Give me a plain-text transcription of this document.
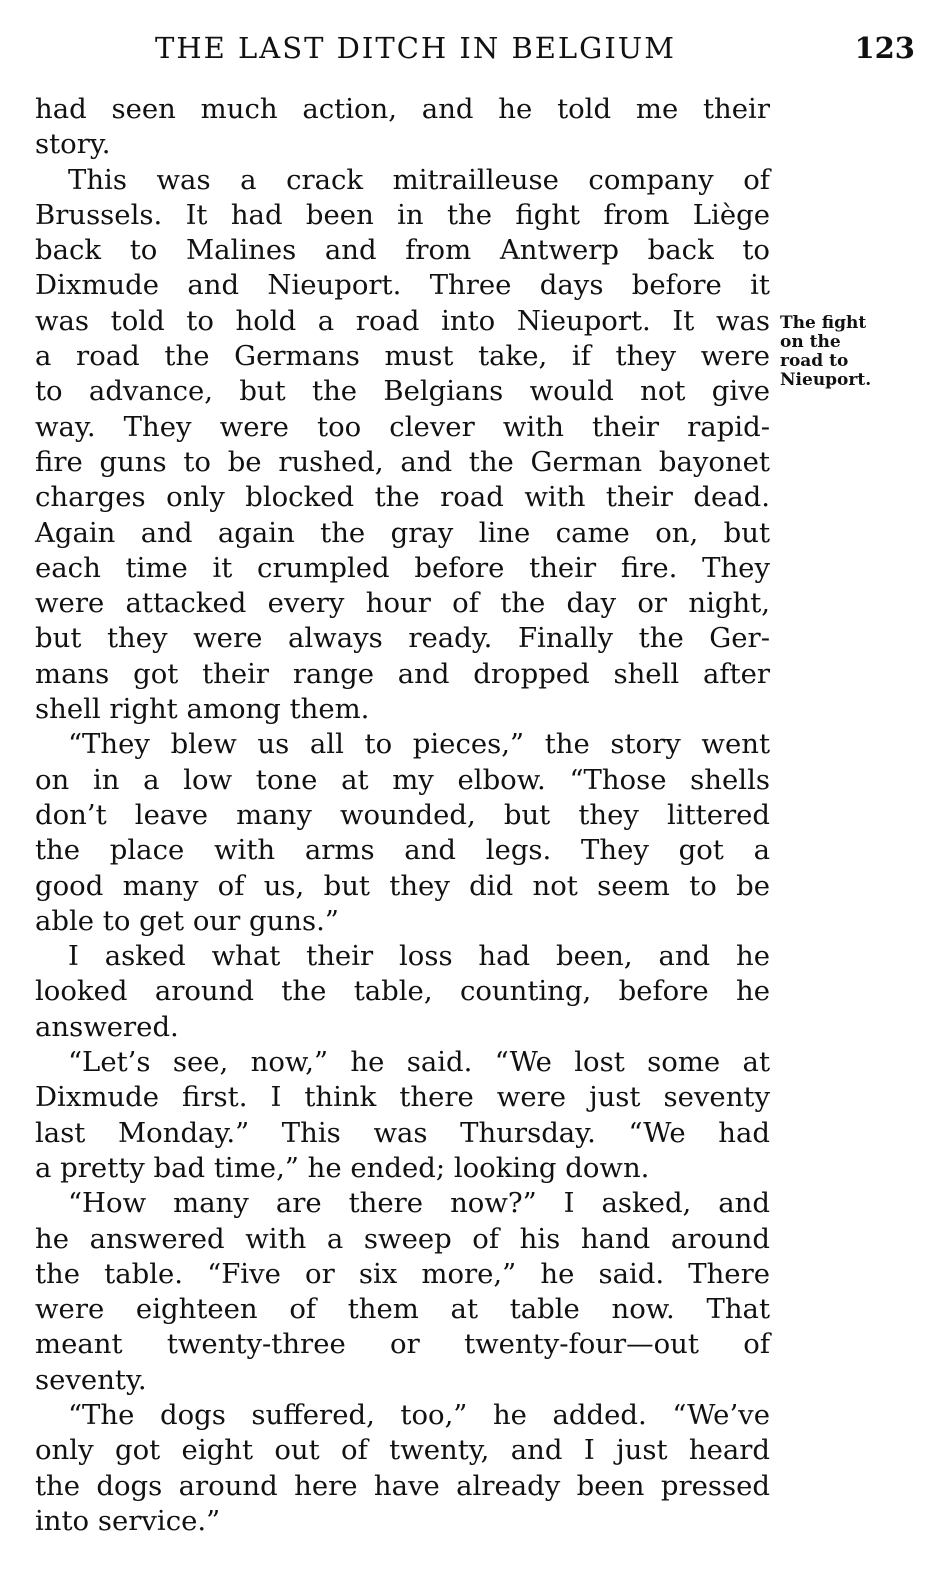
THE LAST DITCH IN BELGIUM	123
had seen much action, and he told me their
story.
This was a crack mitrailleuse company of
Brussels. It had been in the fight from Liège
back to Malines and from Antwerp back to
Dixmude and Nieuport. Three days before it
was told to hold a road into Nieuport. It was
a road the Germans must take, if they were
to advance, but the Belgians would not give
way. They were too clever with their rapid-
fire guns to be rushed, and the German bayonet
charges only blocked the road with their dead.
Again and again the gray line came on, but
each time it crumpled before their fire. They
were attacked every hour of the day or night,
but they were always ready. Finally the Ger-
mans got their range and dropped shell after
shell right among them.
“They blew us all to pieces,” the story went
on in a low tone at my elbow. “Those shells
don’t leave many wounded, but they littered
the place with arms and legs. They got a
good many of us, but they did not seem to be
able to get our guns.”
I asked what their loss had been, and he
looked around the table, counting, before he
answered.
“Let’s see, now,” he said. “We lost some at
Dixmude first. I think there were just seventy
last Monday.” This was Thursday. “We had
a pretty bad time,” he ended; looking down.
“How many are there now?” I asked, and
he answered with a sweep of his hand around
the table. “Five or six more,” he said. There
were eighteen of them at table now. That
meant twenty-three or twenty-four—out of
seventy.
“The dogs suffered, too,” he added. “We’ve
only got eight out of twenty, and I just heard
the dogs around here have already been pressed
into service.”
The fight
on the
road to
Nieuport.
